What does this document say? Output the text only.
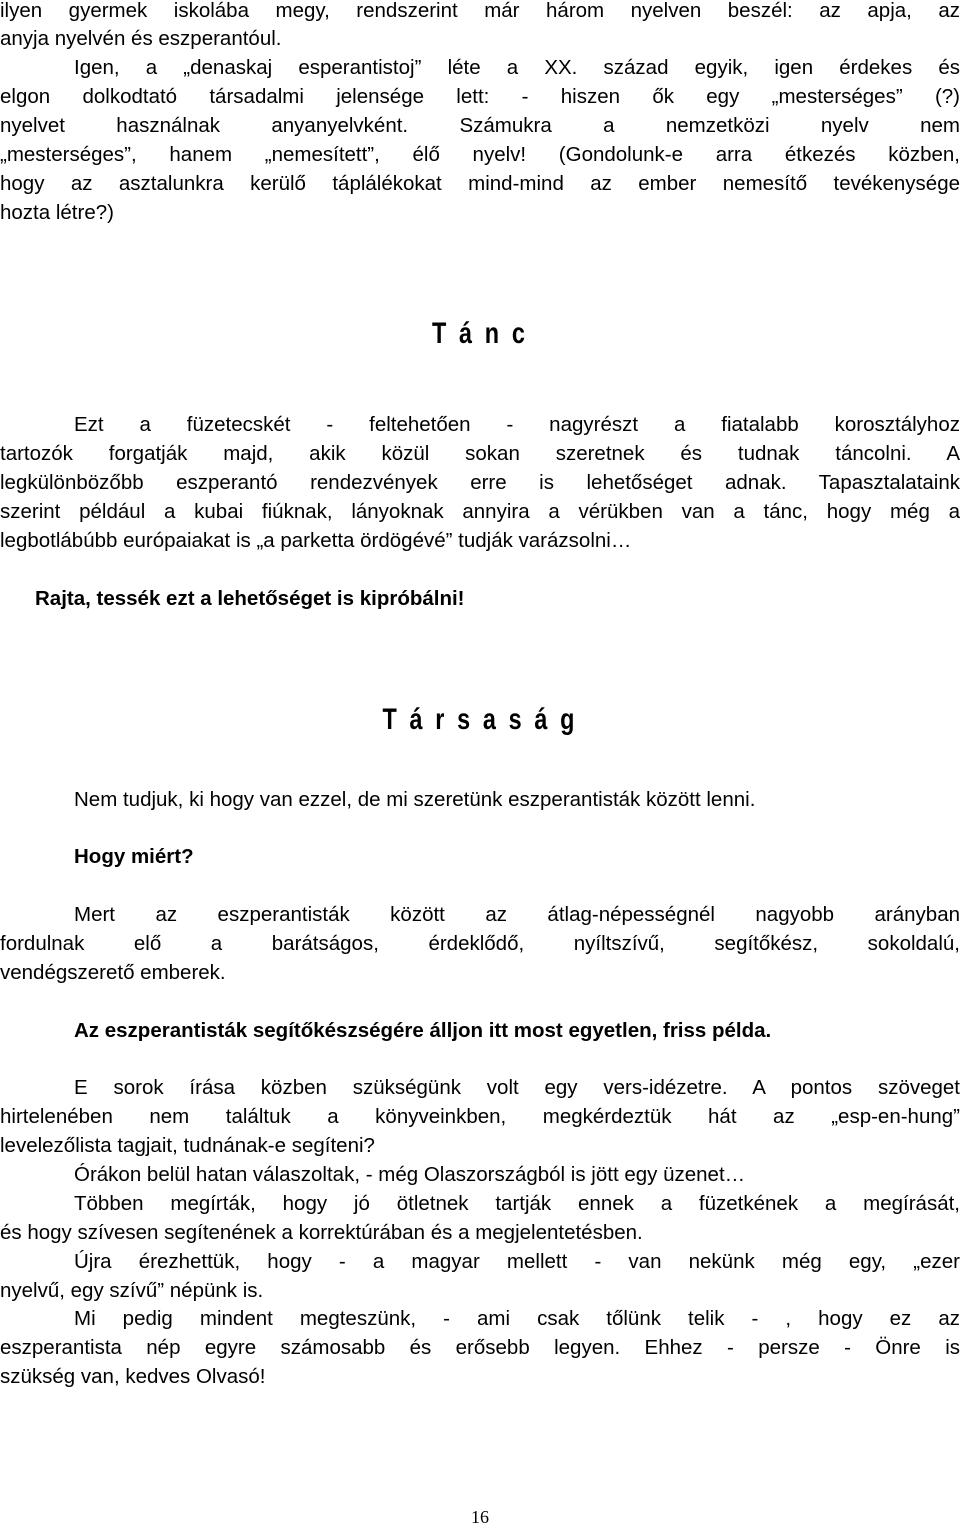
ilyen gyermek iskolába megy, rendszerint már három nyelven beszél: az apja, az

anyja nyelvén és eszperantóul.

Igen, a „denaskaj esperantistoj” léte a XX. század egyik, igen érdekes és

elgon dolkodtató társadalmi jelensége lett: - hiszen ők egy „mesterséges” (?)

nyelvet használnak anyanyelvként. Számukra a nemzetközi nyelv nem

„mesterséges”, hanem „nemesített”, élő nyelv! (Gondolunk-e arra étkezés közben,

hogy az asztalunkra kerülő táplálékokat mind-mind az ember nemesítő tevékenysége

hozta létre?)

T á n c

Ezt a füzetecskét - feltehetően - nagyrészt a fiatalabb korosztályhoz

tartozók forgatják majd, akik közül sokan szeretnek és tudnak táncolni. A

legkülönbözőbb eszperantó rendezvények erre is lehetőséget adnak. Tapasztalataink

szerint például a kubai fiúknak, lányoknak annyira a vérükben van a tánc, hogy még a

legbotlábúbb európaiakat is „a parketta ördögévé” tudják varázsolni…

Rajta, tessék ezt a lehetőséget is kipróbálni!

T á r s a s á g

Nem tudjuk, ki hogy van ezzel, de mi szeretünk eszperantisták között lenni.

Hogy miért?

Mert az eszperantisták között az átlag-népességnél nagyobb arányban

fordulnak elő a barátságos, érdeklődő, nyíltszívű, segítőkész, sokoldalú,

vendégszerető emberek.

Az eszperantisták segítőkészségére álljon itt most egyetlen, friss példa.

E sorok írása közben szükségünk volt egy vers-idézetre. A pontos szöveget

hirtelenében nem találtuk a könyveinkben, megkérdeztük hát az „esp-en-hung”

levelezőlista tagjait, tudnának-e segíteni?

Órákon belül hatan válaszoltak, - még Olaszországból is jött egy üzenet…

Többen megírták, hogy jó ötletnek tartják ennek a füzetkének a megírását,

és hogy szívesen segítenének a korrektúrában és a megjelentetésben.

Újra érezhettük, hogy - a magyar mellett - van nekünk még egy, „ezer

nyelvű, egy szívű” népünk is.

Mi pedig mindent megteszünk, - ami csak tőlünk telik - , hogy ez az

eszperantista nép egyre számosabb és erősebb legyen. Ehhez - persze - Önre is

szükség van, kedves Olvasó!

16
